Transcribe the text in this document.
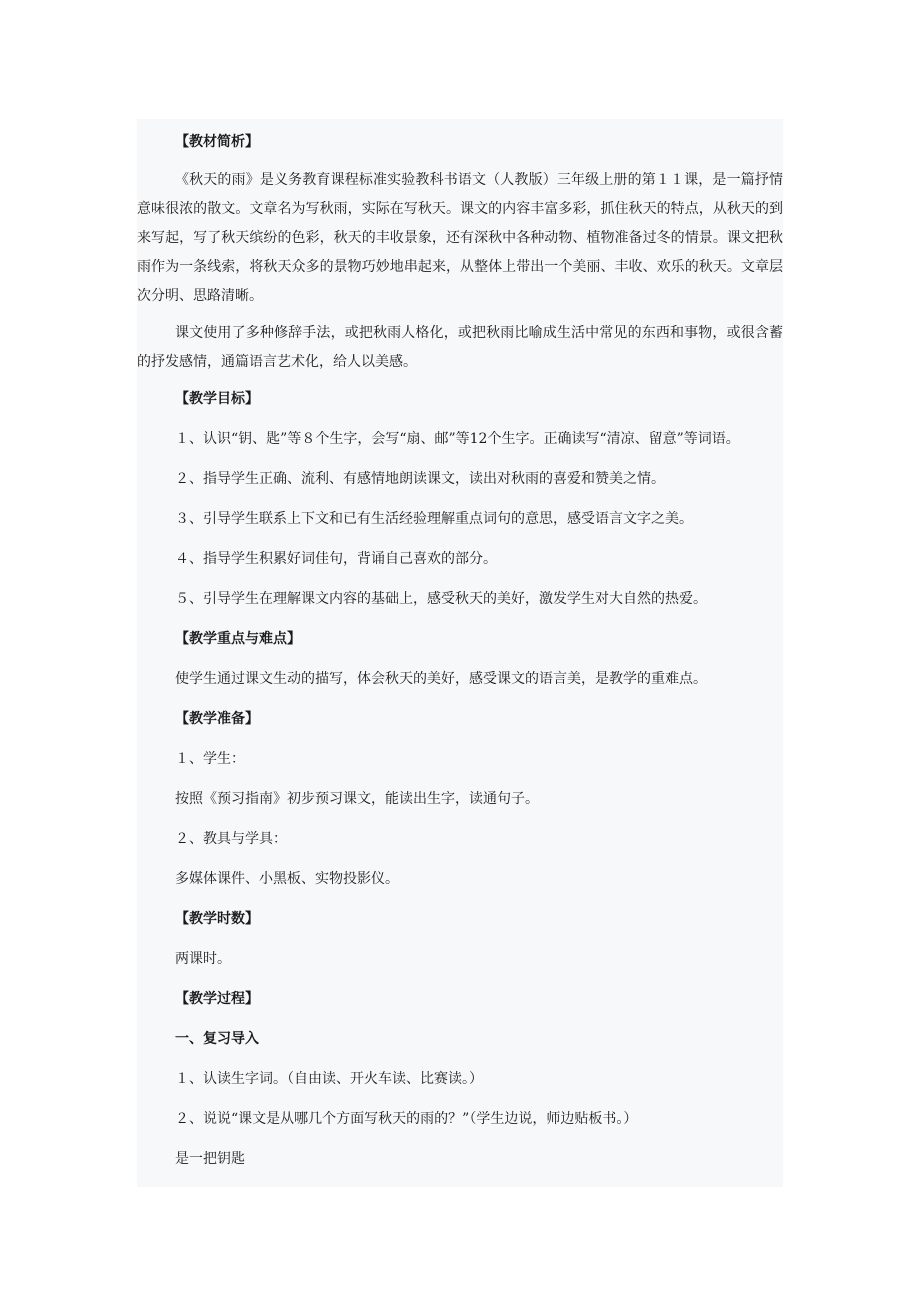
【教材简析】

《秋天的雨》是义务教育课程标准实验教科书语文（人教版）三年级上册的第１１课，是一篇抒情意味很浓的散文。文章名为写秋雨，实际在写秋天。课文的内容丰富多彩，抓住秋天的特点，从秋天的到来写起，写了秋天缤纷的色彩，秋天的丰收景象，还有深秋中各种动物、植物准备过冬的情景。课文把秋雨作为一条线索，将秋天众多的景物巧妙地串起来，从整体上带出一个美丽、丰收、欢乐的秋天。文章层次分明、思路清晰。

课文使用了多种修辞手法，或把秋雨人格化，或把秋雨比喻成生活中常见的东西和事物，或很含蓄的抒发感情，通篇语言艺术化，给人以美感。

【教学目标】
１、认识“钥、匙”等８个生字，会写“扇、邮”等12个生字。正确读写“清凉、留意”等词语。
２、指导学生正确、流利、有感情地朗读课文，读出对秋雨的喜爱和赞美之情。
３、引导学生联系上下文和已有生活经验理解重点词句的意思，感受语言文字之美。
４、指导学生积累好词佳句，背诵自己喜欢的部分。
５、引导学生在理解课文内容的基础上，感受秋天的美好，激发学生对大自然的热爱。
【教学重点与难点】
使学生通过课文生动的描写，体会秋天的美好，感受课文的语言美，是教学的重难点。
【教学准备】
１、学生：
按照《预习指南》初步预习课文，能读出生字，读通句子。
２、教具与学具：
多媒体课件、小黑板、实物投影仪。
【教学时数】
两课时。
【教学过程】
一、复习导入
１、认读生字词。（自由读、开火车读、比赛读。）
２、说说“课文是从哪几个方面写秋天的雨的？”（学生边说，师边贴板书。）
是一把钥匙
